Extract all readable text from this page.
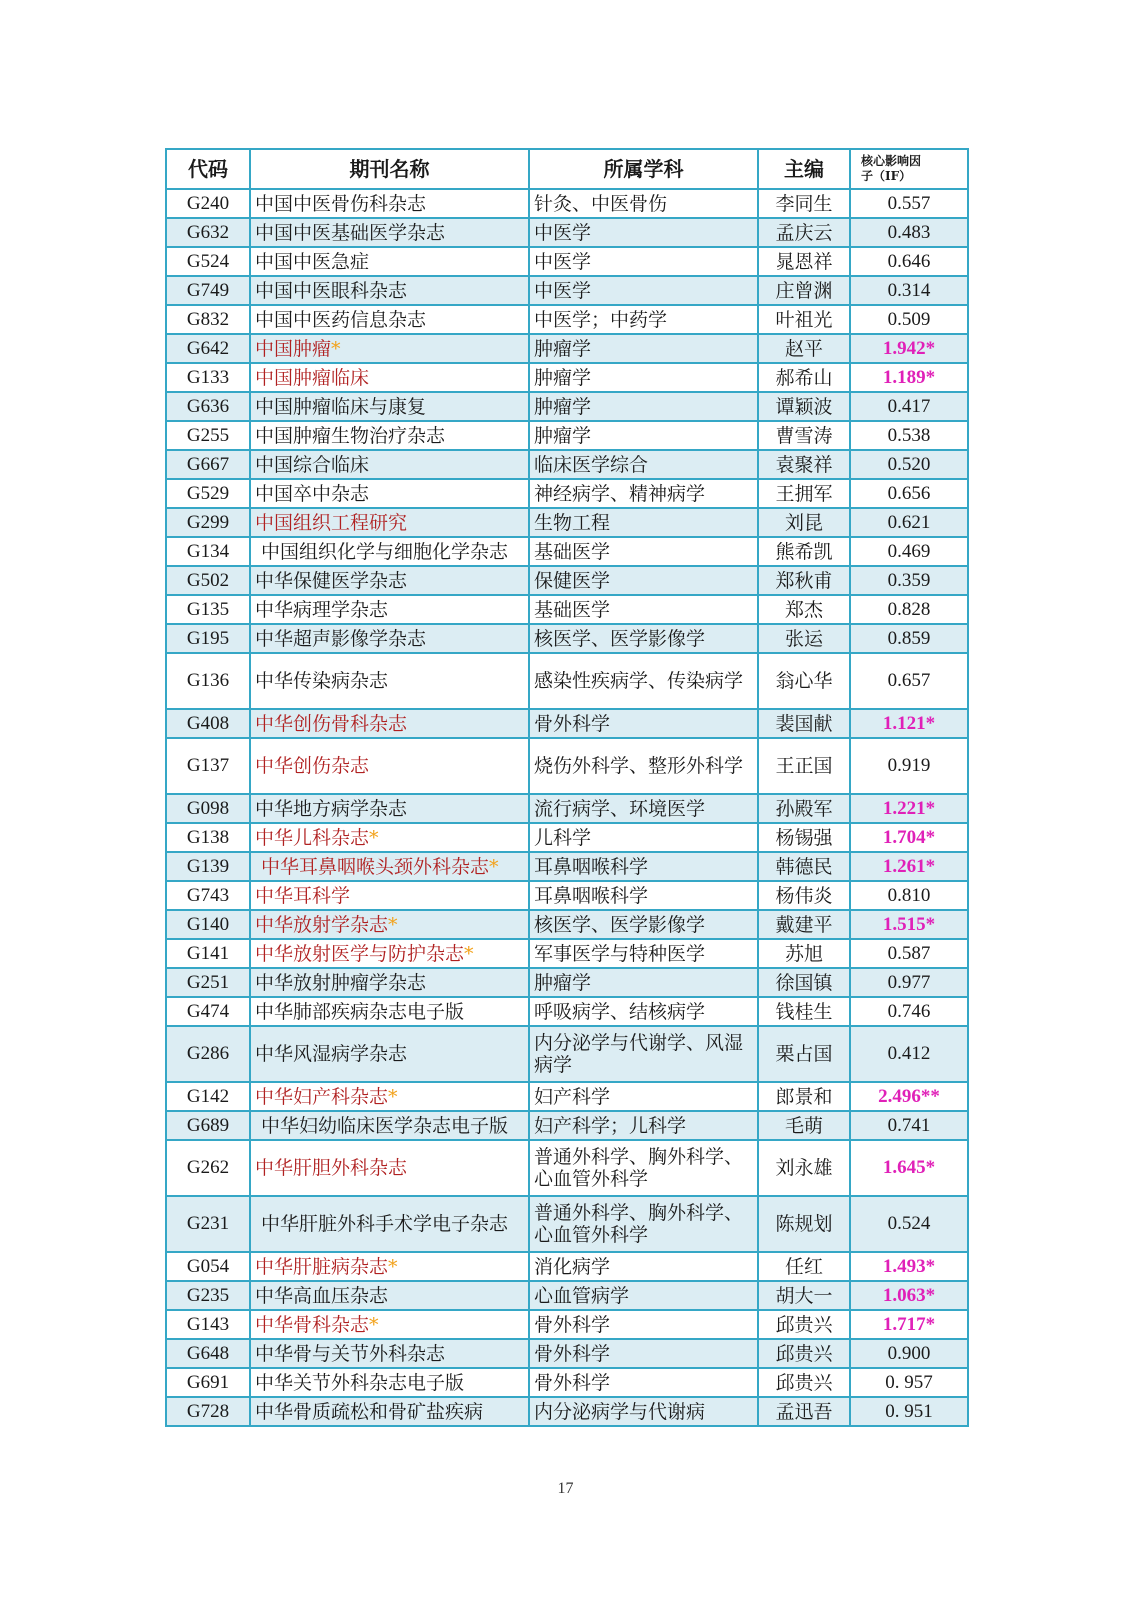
代码	期刊名称	所属学科	主编	核心影响因
子（IF）
G240	中国中医骨伤科杂志	针灸、中医骨伤	李同生	0.557
G632	中国中医基础医学杂志	中医学	孟庆云	0.483
G524	中国中医急症	中医学	晁恩祥	0.646
G749	中国中医眼科杂志	中医学	庄曾渊	0.314
G832	中国中医药信息杂志	中医学；中药学	叶祖光	0.509
G642	中国肿瘤*	肿瘤学	赵平	1.942*
G133	中国肿瘤临床	肿瘤学	郝希山	1.189*
G636	中国肿瘤临床与康复	肿瘤学	谭颖波	0.417
G255	中国肿瘤生物治疗杂志	肿瘤学	曹雪涛	0.538
G667	中国综合临床	临床医学综合	袁聚祥	0.520
G529	中国卒中杂志	神经病学、精神病学	王拥军	0.656
G299	中国组织工程研究	生物工程	刘昆	0.621
G134	中国组织化学与细胞化学杂志	基础医学	熊希凯	0.469
G502	中华保健医学杂志	保健医学	郑秋甫	0.359
G135	中华病理学杂志	基础医学	郑杰	0.828
G195	中华超声影像学杂志	核医学、医学影像学	张运	0.859
G136	中华传染病杂志	感染性疾病学、传染病学	翁心华	0.657
G408	中华创伤骨科杂志	骨外科学	裴国献	1.121*
G137	中华创伤杂志	烧伤外科学、整形外科学	王正国	0.919
G098	中华地方病学杂志	流行病学、环境医学	孙殿军	1.221*
G138	中华儿科杂志*	儿科学	杨锡强	1.704*
G139	中华耳鼻咽喉头颈外科杂志*	耳鼻咽喉科学	韩德民	1.261*
G743	中华耳科学	耳鼻咽喉科学	杨伟炎	0.810
G140	中华放射学杂志*	核医学、医学影像学	戴建平	1.515*
G141	中华放射医学与防护杂志*	军事医学与特种医学	苏旭	0.587
G251	中华放射肿瘤学杂志	肿瘤学	徐国镇	0.977
G474	中华肺部疾病杂志电子版	呼吸病学、结核病学	钱桂生	0.746
G286	中华风湿病学杂志	内分泌学与代谢学、风湿病学	栗占国	0.412
G142	中华妇产科杂志*	妇产科学	郎景和	2.496**
G689	中华妇幼临床医学杂志电子版	妇产科学；儿科学	毛萌	0.741
G262	中华肝胆外科杂志	普通外科学、胸外科学、心血管外科学	刘永雄	1.645*
G231	中华肝脏外科手术学电子杂志	普通外科学、胸外科学、心血管外科学	陈规划	0.524
G054	中华肝脏病杂志*	消化病学	任红	1.493*
G235	中华高血压杂志	心血管病学	胡大一	1.063*
G143	中华骨科杂志*	骨外科学	邱贵兴	1.717*
G648	中华骨与关节外科杂志	骨外科学	邱贵兴	0.900
G691	中华关节外科杂志电子版	骨外科学	邱贵兴	0. 957
G728	中华骨质疏松和骨矿盐疾病	内分泌病学与代谢病	孟迅吾	0. 951
17
